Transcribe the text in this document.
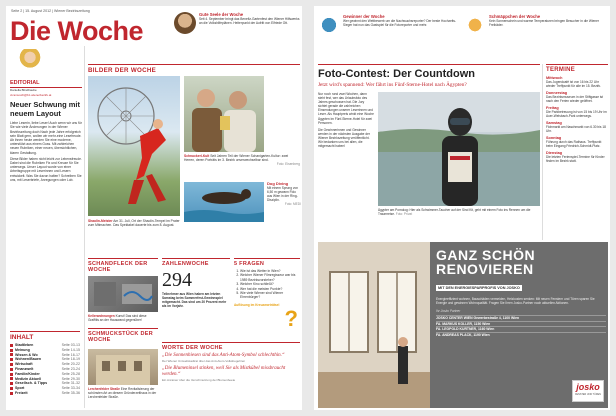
Seite 2 | 15. August 2012 | Wiener Bezirkszeitung
Die Woche
Gute Seele der Woche
Seit 4. September bringt das Benefiz-Gartenfest den Wiener Hilfswerks an die Volkshilfeplänen. Heiterpunkt der Aufritt von Elfriede Ott.
EDITORIAL
Daniella Blindhaube
d.ramusch@bz-wienerbezirk.at
Neuer Schwung mit neuem Layout
Liebe Leserin, liebe Leser! Auch wenn wir uns für Sie wie viele Änderungen in der Wiener Bezirkszeitung doch Nach jede Jahre erfolgreich sein Blatt gern, wollen wir mehr-eine Lesefreude. Ab ihnen heute werden Sie eine moderne, unterstützt aus einem Guss. Mit zahlreichen neuen Rubriken, einer neuen, übersichtlichen, klaren Gestaltung.
Diese Bilder haben nicht leicht zur Lebensfreude. Dabei sind die Rubriken Fix und Kreuze für Sie unterwegs. Unser Layout wurde von einer Arbeitsgruppe mit Leserinnen und Lesern entwickelt. Was Sie davon halten? Schreiben Sie uns, mit Leserbriefe, Anregungen oder Lob.
INHALT
Stadtleben	Seite 03-13
Meinung	Seite 14-15
Wissen & Wo	Seite 16-17
Wohnen/Bauen	Seite 18-19
Wirtschaft	Seite 20-22
Finanzwelt	Seite 23-24
Familie/Kinder	Seite 25-28
Medizin Aktuell	Seite 29-30
Gesellsch. & Tipps	Seite 31-32
Sport	Seite 33-34
Freizeit	Seite 35-36
BILDER DER WOCHE
Shaolin-Meister Am 31. Juli, Ort der Shaolin-Tempel im Prater zum Mitmachen. Das Spektakel dauerte bis zum 8. August.
Schnuckerl-Kult Seit Jahren Teil der Wiener Schanigarten-Kultur: zwei Herren, deren Porträts im 3. Bezirk unverwechselbar sind.
Foto: Eisenberg
Dog Diving
Mit einem Sprung von 6,50 m gewann Fido aus Wien in der Ring-Disziplin.
Foto: MEDI
SCHANDFLECK DER WOCHE
Kellerwohnungen Kunst! Das sind diese Graffitis an der Hauswand gegenüber!
SCHMUCKSTÜCK DER WOCHE
Lerchenfelder Straße Eine Revitalisierung der schönsten Art an diesem Gründerzeithaus in der Lerchenfelder Straße.
ZAHLENWOCHE
294
Teilnehmer aus Wien haben am letzten Samstag beim Sommerfest-Gewinnspiel mitgemacht. Das sind um 20 Prozent mehr als im Vorjahr.
5 FRAGEN
1. Wie ist das Wetter in Wien?
2. Welcher Wiener Filmregisseur war bis 1989 Bezirksvorsteher?
3. Welcher Kino schließt?
4. Wer hat die meisten Punkte?
5. Wie viele Wiener sind Wiener Ehrenbürger?
?
Auflösung im Kreuzworträtsel
WORTE DER WOCHE
„Die Sonnenhiesen sind das Anti-Atom-Symbol schlechthin.“
Der Wiener Umweltstadtrat über das Anti-Atom-Volksbegehren
„Die Blumeninsel stinken, weil Sie als Mistkübel missbraucht werden.“
Ein Anrainer über die Verschmutzung der Blumenbeete
Gewinner der Woche
Wer gewinnt den Wettbewerb um die Nachwuchsreporter? Der beste Hochzeits-Sieger hat nun das Gastspiel für die Fotoreporter und mehr.
Schmäppchen der Woche
Kein Sonnenschein und warme Temperaturen bringen Besucher in die Wiener Freibäder.
Foto-Contest: Der Countdown
Jetzt wird's spannend: Wer fährt ins Fünf-Sterne-Hotel nach Ägypten?
Nur noch rund zwei Wochen, dann steht fest, wer das Urlaubsfoto des Jahres geschossen hat. Die Jury sichtet gerade die zahlreichen Einsendungen unserer Leserinnen und Leser. Als Hauptpreis winkt eine Woche Ägypten im Fünf-Sterne-Hotel für zwei Personen.
Die Gewinnerinnen und Gewinner werden in der nächsten Ausgabe der Wiener Bezirkszeitung veröffentlicht. Wir bedanken uns bei allen, die mitgemacht haben!
Ägypter am Pomolog: Hier als Schwimmer-Taucher auf der Sind Kit, geht mit einem Foto ins Rennen um die Traumreise. Foto: Privat
TERMINE
Mittwoch
Das Jugendcafé ist von 16 bis 22 Uhr wieder Treffpunkt für alle im 15. Bezirk.
Donnerstag
Das Bezirksmuseum in der Stiftgasse ist nach den Ferien wieder geöffnet.
Freitag
Die Parkbetreuung ist von 15 bis 19 Uhr im Auer-Welsbach-Park unterwegs.
Samstag
Flohmarkt am Naschmarkt von 6.30 bis 18 Uhr.
Sonntag
Führung durch das Rathaus. Treffpunkt beim Eingang Friedrich-Schmidt-Platz.
Dienstag
Die letzten Ferienspiel-Termine für Kinder finden im Bezirk statt.
GANZ SCHÖN
RENOVIEREN
MIT DEN ENERGIESPARPROFIS VON JOSKO
Energieeffizient wohnen, Bauschäden vermeiden, Heizkosten senken: Mit neuen Fenstern und Türen sparen Sie Energie und gewinnen Wohnqualität. Fragen Sie Ihren Josko-Partner nach aktuellen Aktionen.
Ihr Josko Partner
JOSKO CENTER WIEN Gewerbestraße 4, 1100 Wien
FA. MARKUS KOLLER, 1150 Wien
FA. LEOPOLD KURTNER, 1160 Wien
FA. ANDREAS PLACK, 1190 Wien
josko
FENSTER UND TÜREN
